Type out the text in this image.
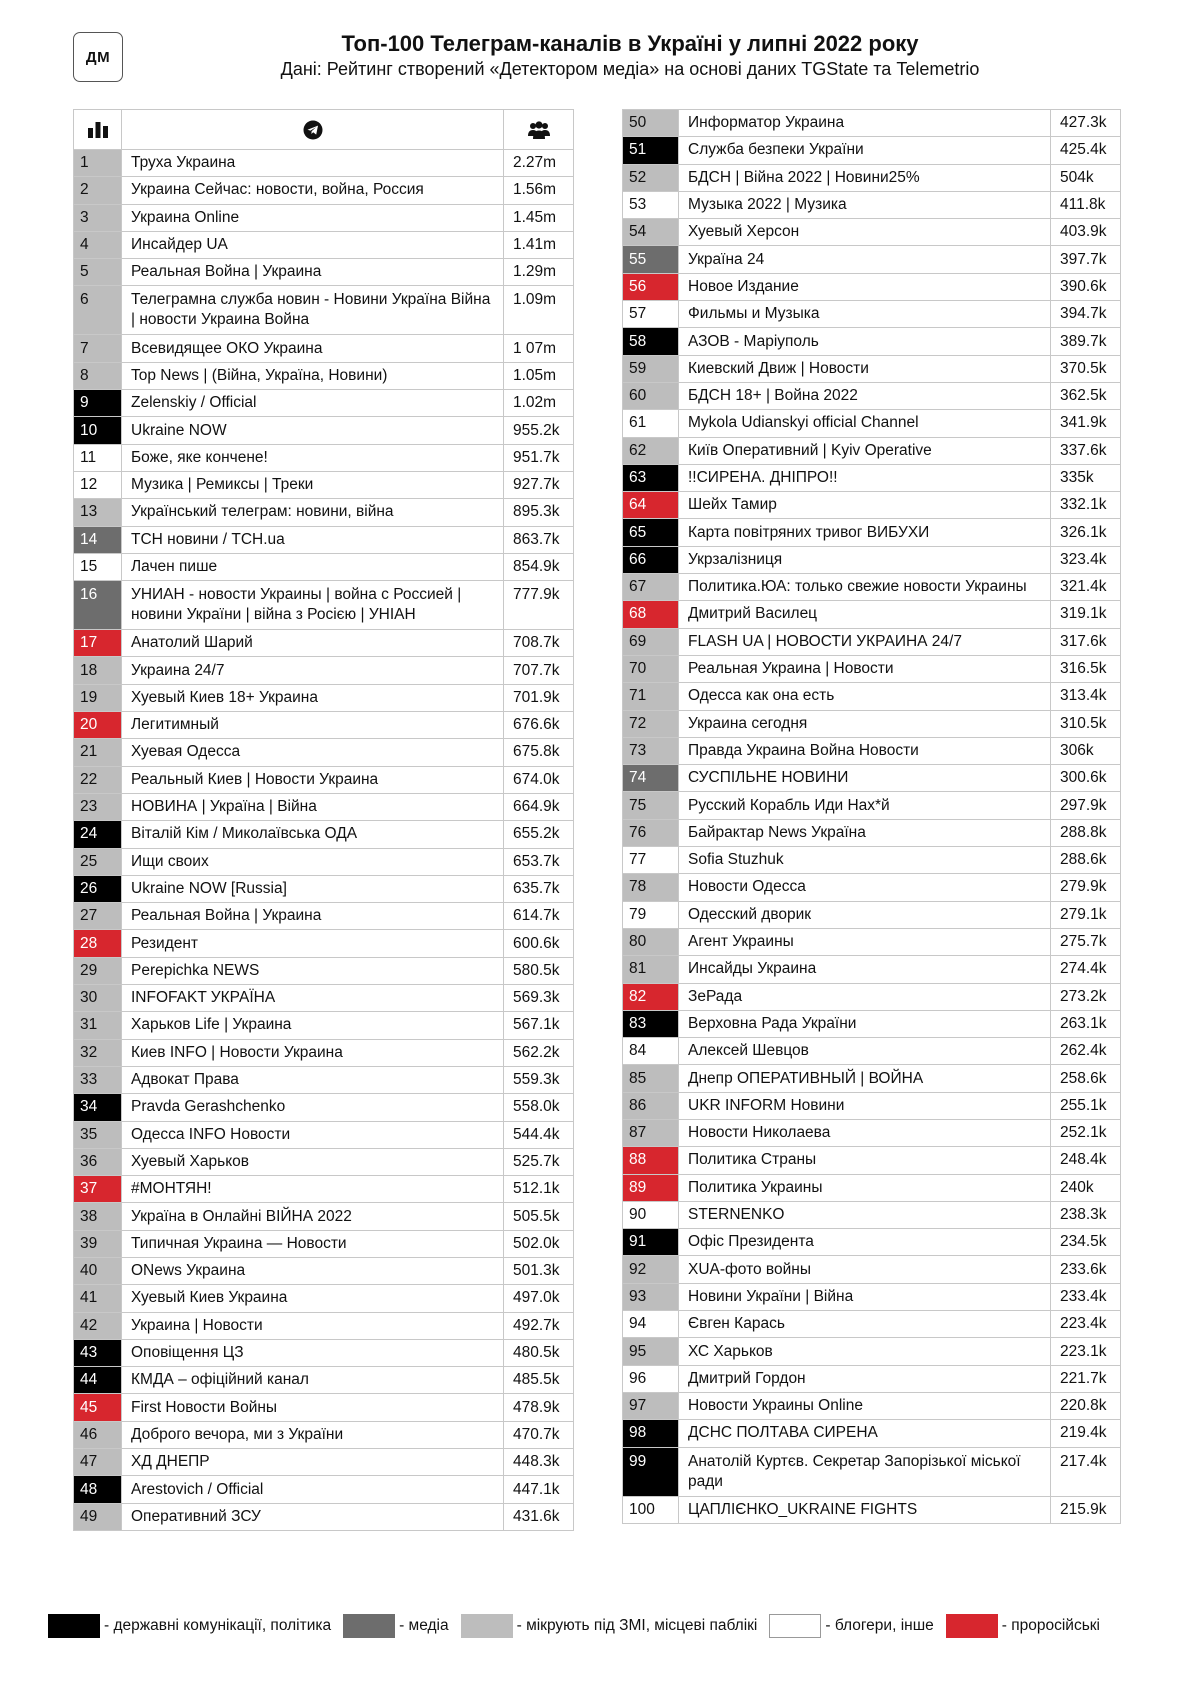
ДМ
Топ-100 Телеграм-каналів в Україні у липні 2022 року
Дані: Рейтинг створений «Детектором медіа» на основі даних TGState та Telemetrio

1	Труха Украина	2.27m
2	Украина Сейчас: новости, война, Россия	1.56m
3	Украина Online	1.45m
4	Инсайдер UA	1.41m
5	Реальная Война | Украина	1.29m
6	Телеграмна служба новин - Новини Україна Війна | новости Украина Война	1.09m
7	Всевидящее ОКО Украина	1 07m
8	Top News | (Війна, Україна, Новини)	1.05m
9	Zelenskiy / Official	1.02m
10	Ukraine NOW	955.2k
11	Боже, яке кончене!	951.7k
12	Музика | Ремиксы | Треки	927.7k
13	Український телеграм: новини, війна	895.3k
14	ТСН новини / TCH.ua	863.7k
15	Лачен пише	854.9k
16	УНИАН - новости Украины | война с Россией | новини України | війна з Росією | УНІАН	777.9k
17	Анатолий Шарий	708.7k
18	Украина 24/7	707.7k
19	Хуевый Киев 18+ Украина	701.9k
20	Легитимный	676.6k
21	Хуевая Одесса	675.8k
22	Реальный Киев | Новости Украина	674.0k
23	НОВИНА | Україна | Війна	664.9k
24	Віталій Кім / Миколаївська ОДА	655.2k
25	Ищи своих	653.7k
26	Ukraine NOW [Russia]	635.7k
27	Реальная Война | Украина	614.7k
28	Резидент	600.6k
29	Perepichka NEWS	580.5k
30	INFOFAKT УКРАЇНА	569.3k
31	Харьков Life | Украина	567.1k
32	Киев INFO | Новости Украина	562.2k
33	Адвокат Права	559.3k
34	Pravda Gerashchenko	558.0k
35	Одесса INFO Новости	544.4k
36	Хуевый Харьков	525.7k
37	#МОНТЯН!	512.1k
38	Україна в Онлайні ВІЙНА 2022	505.5k
39	Типичная Украина — Новости	502.0k
40	ONews Украина	501.3k
41	Хуевый Киев Украина	497.0k
42	Украина | Новости	492.7k
43	Оповіщення ЦЗ	480.5k
44	КМДА – офіційний канал	485.5k
45	First Новости Войны	478.9k
46	Доброго вечора, ми з України	470.7k
47	ХД ДНЕПР	448.3k
48	Arestovich / Official	447.1k
49	Оперативний ЗСУ	431.6k
50	Информатор Украина	427.3k
51	Служба безпеки України	425.4k
52	БДСН | Війна 2022 | Новини25%	504k
53	Музыка 2022 | Музика	411.8k
54	Хуевый Херсон	403.9k
55	Україна 24	397.7k
56	Новое Издание	390.6k
57	Фильмы и Музыка	394.7k
58	АЗОВ - Маріуполь	389.7k
59	Киевский Движ | Новости	370.5k
60	БДСН 18+ | Война 2022	362.5k
61	Mykola Udianskyi official Channel	341.9k
62	Київ Оперативний | Kyiv Operative	337.6k
63	!!СИРЕНА. ДНІПРО!!	335k
64	Шейх Тамир	332.1k
65	Карта повітряних тривог ВИБУХИ	326.1k
66	Укрзалізниця	323.4k
67	Политика.ЮА: только свежие новости Украины	321.4k
68	Дмитрий Василец	319.1k
69	FLASH UA | НОВОСТИ УКРАИНА 24/7	317.6k
70	Реальная Украина | Новости	316.5k
71	Одесса как она есть	313.4k
72	Украина сегодня	310.5k
73	Правда Украина Война Новости	306k
74	СУСПІЛЬНЕ НОВИНИ	300.6k
75	Русский Корабль Иди Нах*й	297.9k
76	Байрактар News Україна	288.8k
77	Sofia Stuzhuk	288.6k
78	Новости Одесса	279.9k
79	Одесский дворик	279.1k
80	Агент Украины	275.7k
81	Инсайды Украина	274.4k
82	ЗеРада	273.2k
83	Верховна Рада України	263.1k
84	Алексей Шевцов	262.4k
85	Днепр ОПЕРАТИВНЫЙ | ВОЙНА	258.6k
86	UKR INFORM Новини	255.1k
87	Новости Николаева	252.1k
88	Политика Страны	248.4k
89	Политика Украины	240k
90	STERNENKO	238.3k
91	Офіс Президента	234.5k
92	XUA-фото войны	233.6k
93	Новини України | Війна	233.4k
94	Євген Карась	223.4k
95	ХС Харьков	223.1k
96	Дмитрий Гордон	221.7k
97	Новости Украины Online	220.8k
98	ДСНС ПОЛТАВА СИРЕНА	219.4k
99	Анатолій Куртєв. Секретар Запорізької міської ради	217.4k
100	ЦАПЛІЄНКО_UKRAINE FIGHTS	215.9k
- державні комунікації, політика	- медіа	- мікрують під ЗМІ, місцеві паблікі	- блогери, інше	- проросійські
